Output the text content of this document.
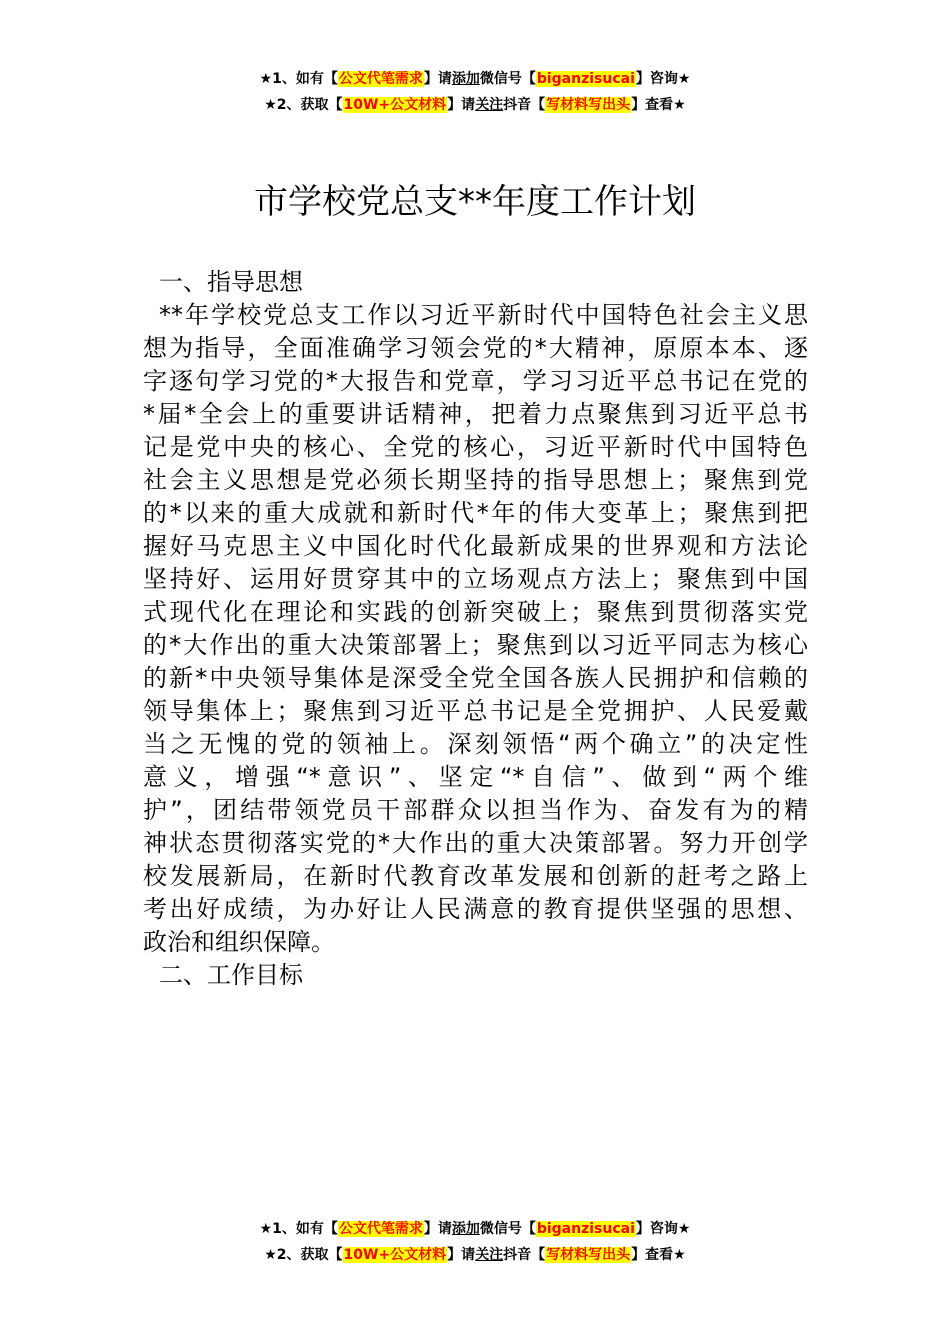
★1、如有【公文代笔需求】请添加微信号【biganzisucai】咨询★
★2、获取【10W+公文材料】请关注抖音【写材料写出头】查看★
市学校党总支**年度工作计划
一、指导思想
**年学校党总支工作以习近平新时代中国特色社会主义思
想为指导，全面准确学习领会党的*大精神，原原本本、逐
字逐句学习党的*大报告和党章，学习习近平总书记在党的
*届*全会上的重要讲话精神，把着力点聚焦到习近平总书
记是党中央的核心、全党的核心，习近平新时代中国特色
社会主义思想是党必须长期坚持的指导思想上；聚焦到党
的*以来的重大成就和新时代*年的伟大变革上；聚焦到把
握好马克思主义中国化时代化最新成果的世界观和方法论
坚持好、运用好贯穿其中的立场观点方法上；聚焦到中国
式现代化在理论和实践的创新突破上；聚焦到贯彻落实党
的*大作出的重大决策部署上；聚焦到以习近平同志为核心
的新*中央领导集体是深受全党全国各族人民拥护和信赖的
领导集体上；聚焦到习近平总书记是全党拥护、人民爱戴
当之无愧的党的领袖上。深刻领悟“两个确立”的决定性
意义，增强“*意识”、坚定“*自信”、做到“两个维
护”，团结带领党员干部群众以担当作为、奋发有为的精
神状态贯彻落实党的*大作出的重大决策部署。努力开创学
校发展新局，在新时代教育改革发展和创新的赶考之路上
考出好成绩，为办好让人民满意的教育提供坚强的思想、
政治和组织保障。
二、工作目标
★1、如有【公文代笔需求】请添加微信号【biganzisucai】咨询★
★2、获取【10W+公文材料】请关注抖音【写材料写出头】查看★
